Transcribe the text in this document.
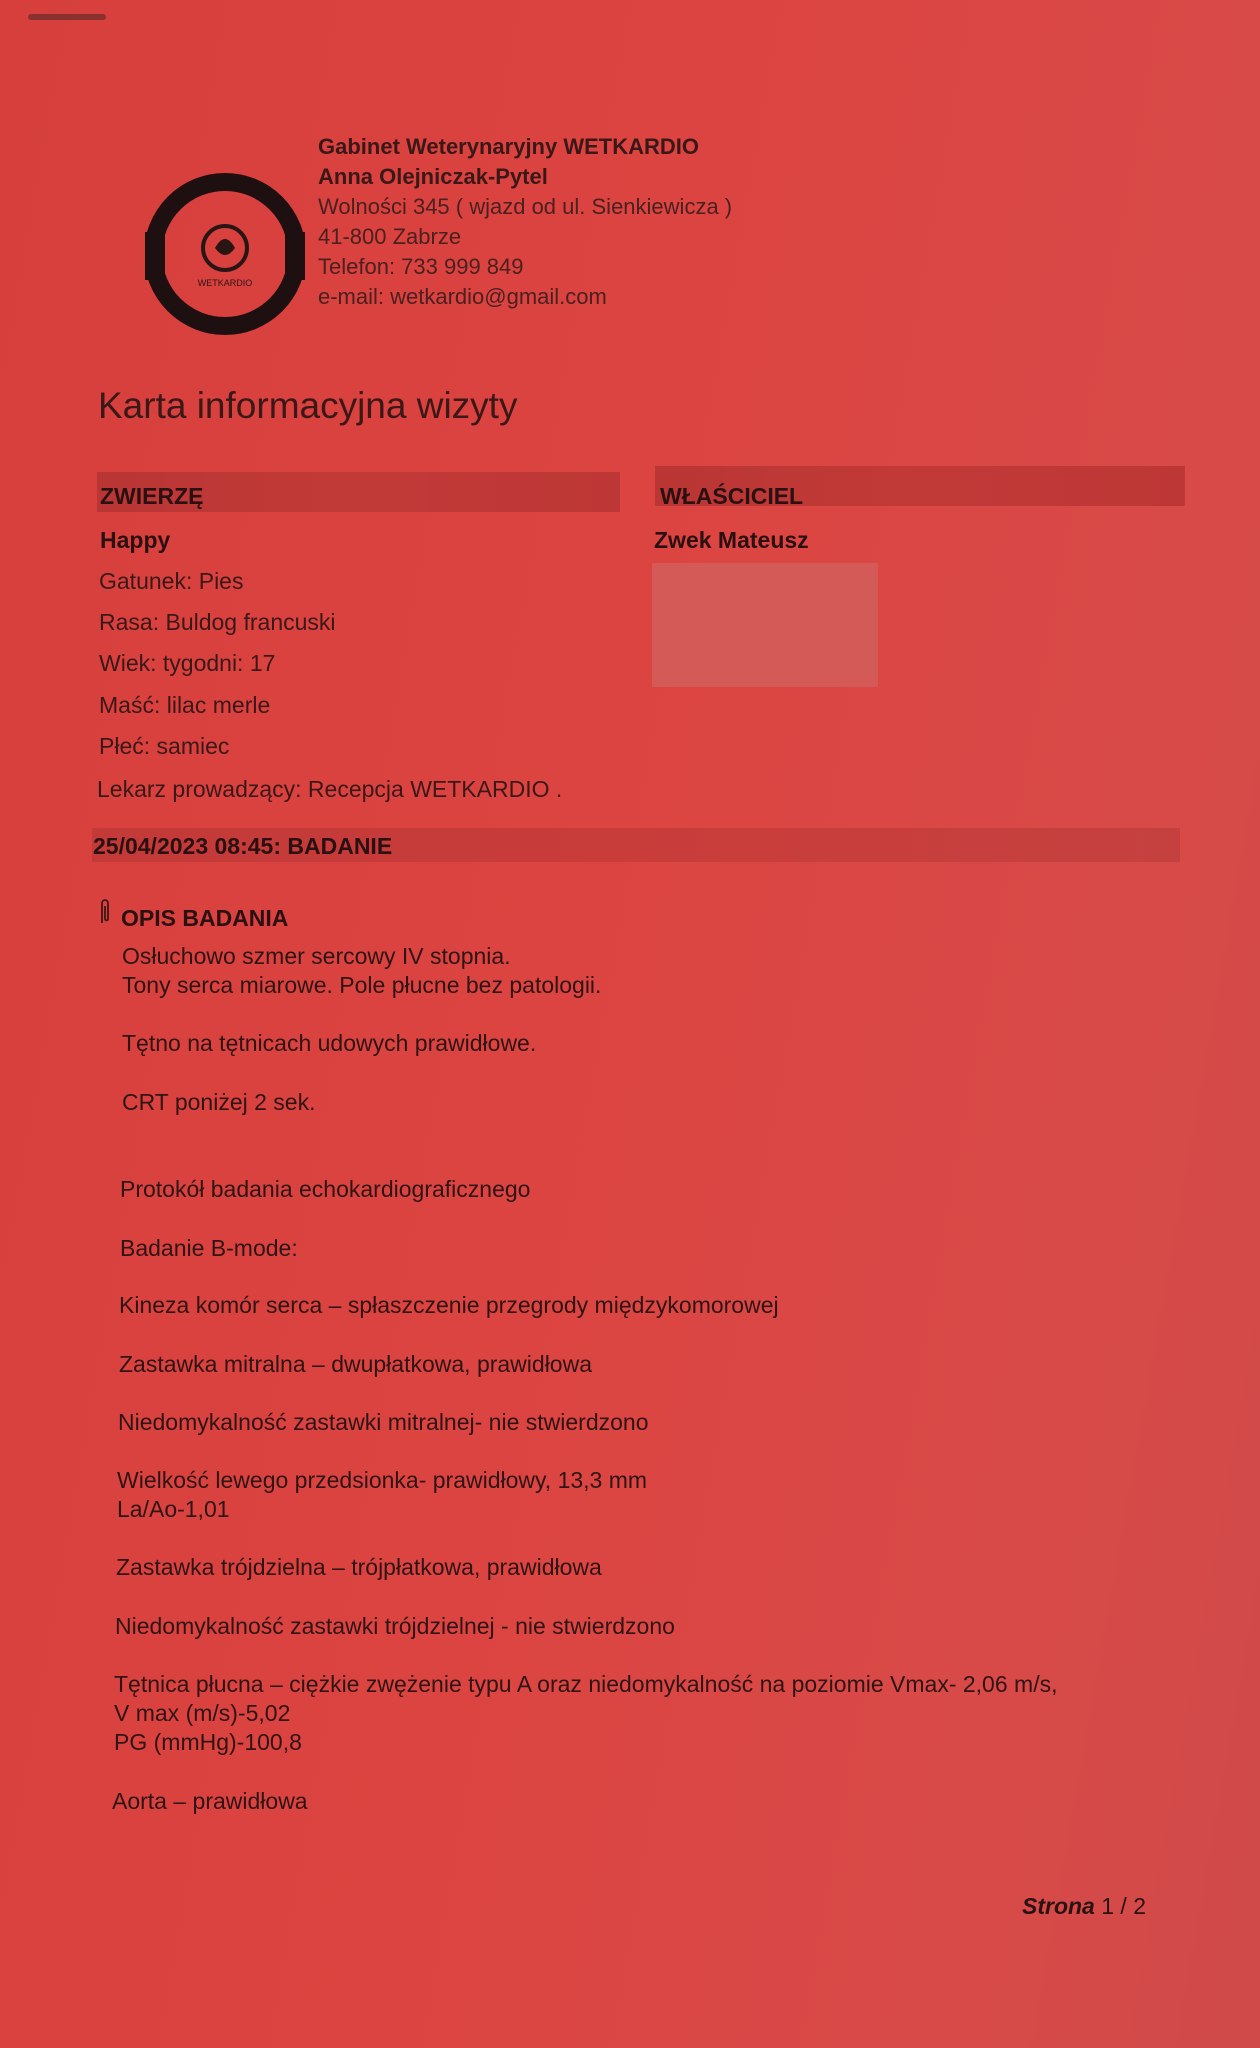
WETKARDIO
Gabinet Weterynaryjny WETKARDIO
Anna Olejniczak-Pytel
Wolności 345 ( wjazd od ul. Sienkiewicza )
41-800 Zabrze
Telefon: 733 999 849
e-mail: wetkardio@gmail.com
Karta informacyjna wizyty
ZWIERZĘ
Happy
Gatunek: Pies
Rasa: Buldog francuski
Wiek: tygodni: 17
Maść: lilac merle
Płeć: samiec
Lekarz prowadzący: Recepcja WETKARDIO .
WŁAŚCICIEL
Zwek Mateusz
25/04/2023 08:45: BADANIE
OPIS BADANIA
Osłuchowo szmer sercowy IV stopnia.
Tony serca miarowe. Pole płucne bez patologii.
Tętno na tętnicach udowych prawidłowe.
CRT poniżej 2 sek.
Protokół badania echokardiograficznego
Badanie B-mode:
Kineza komór serca – spłaszczenie przegrody międzykomorowej
Zastawka mitralna – dwupłatkowa, prawidłowa
Niedomykalność zastawki mitralnej- nie stwierdzono
Wielkość lewego przedsionka- prawidłowy, 13,3 mm
La/Ao-1,01
Zastawka trójdzielna – trójpłatkowa, prawidłowa
Niedomykalność zastawki trójdzielnej - nie stwierdzono
Tętnica płucna – ciężkie zwężenie typu A oraz niedomykalność na poziomie Vmax- 2,06 m/s,
V max (m/s)-5,02
PG (mmHg)-100,8
Aorta – prawidłowa
Strona 1 / 2
